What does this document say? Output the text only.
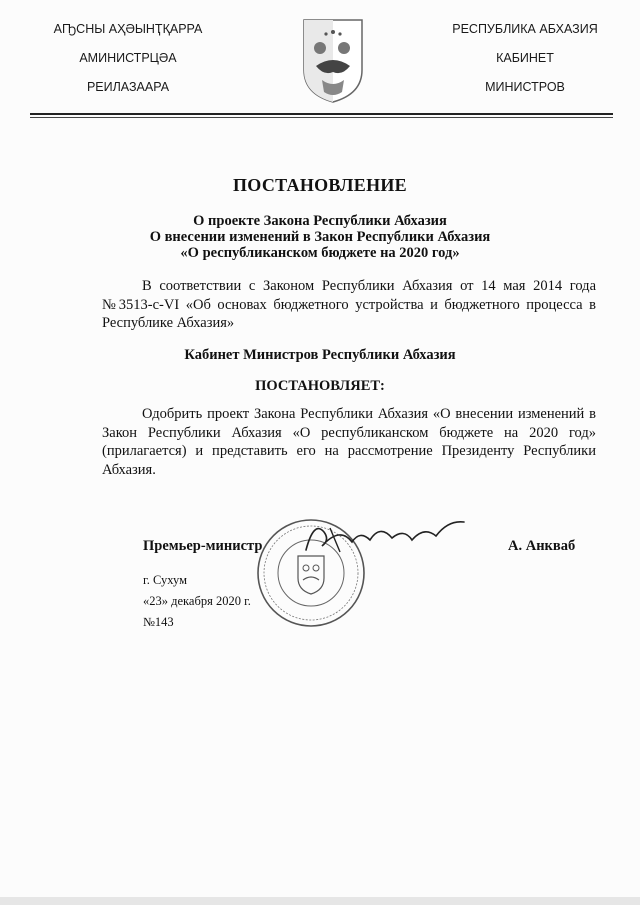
АҦСНЫ АҲӘЫНҬҚАРРА
АМИНИСТРЦӘА
РЕИЛАЗААРА
РЕСПУБЛИКА АБХАЗИЯ
КАБИНЕТ
МИНИСТРОВ
ПОСТАНОВЛЕНИЕ
О проекте Закона Республики Абхазия
О внесении изменений в Закон Республики Абхазия
«О республиканском бюджете на 2020 год»
В соответствии с Законом Республики Абхазия от 14 мая 2014 года №3513-с-VI «Об основах бюджетного устройства и бюджетного процесса в Республике Абхазия»
Кабинет Министров Республики Абхазия
ПОСТАНОВЛЯЕТ:
Одобрить проект Закона Республики Абхазия «О внесении изменений в Закон Республики Абхазия «О республиканском бюджете на 2020 год» (прилагается) и представить его на рассмотрение Президенту Республики Абхазия.
Премьер-министр	А. Анкваб
г. Сухум
«23» декабря 2020 г.
№143
